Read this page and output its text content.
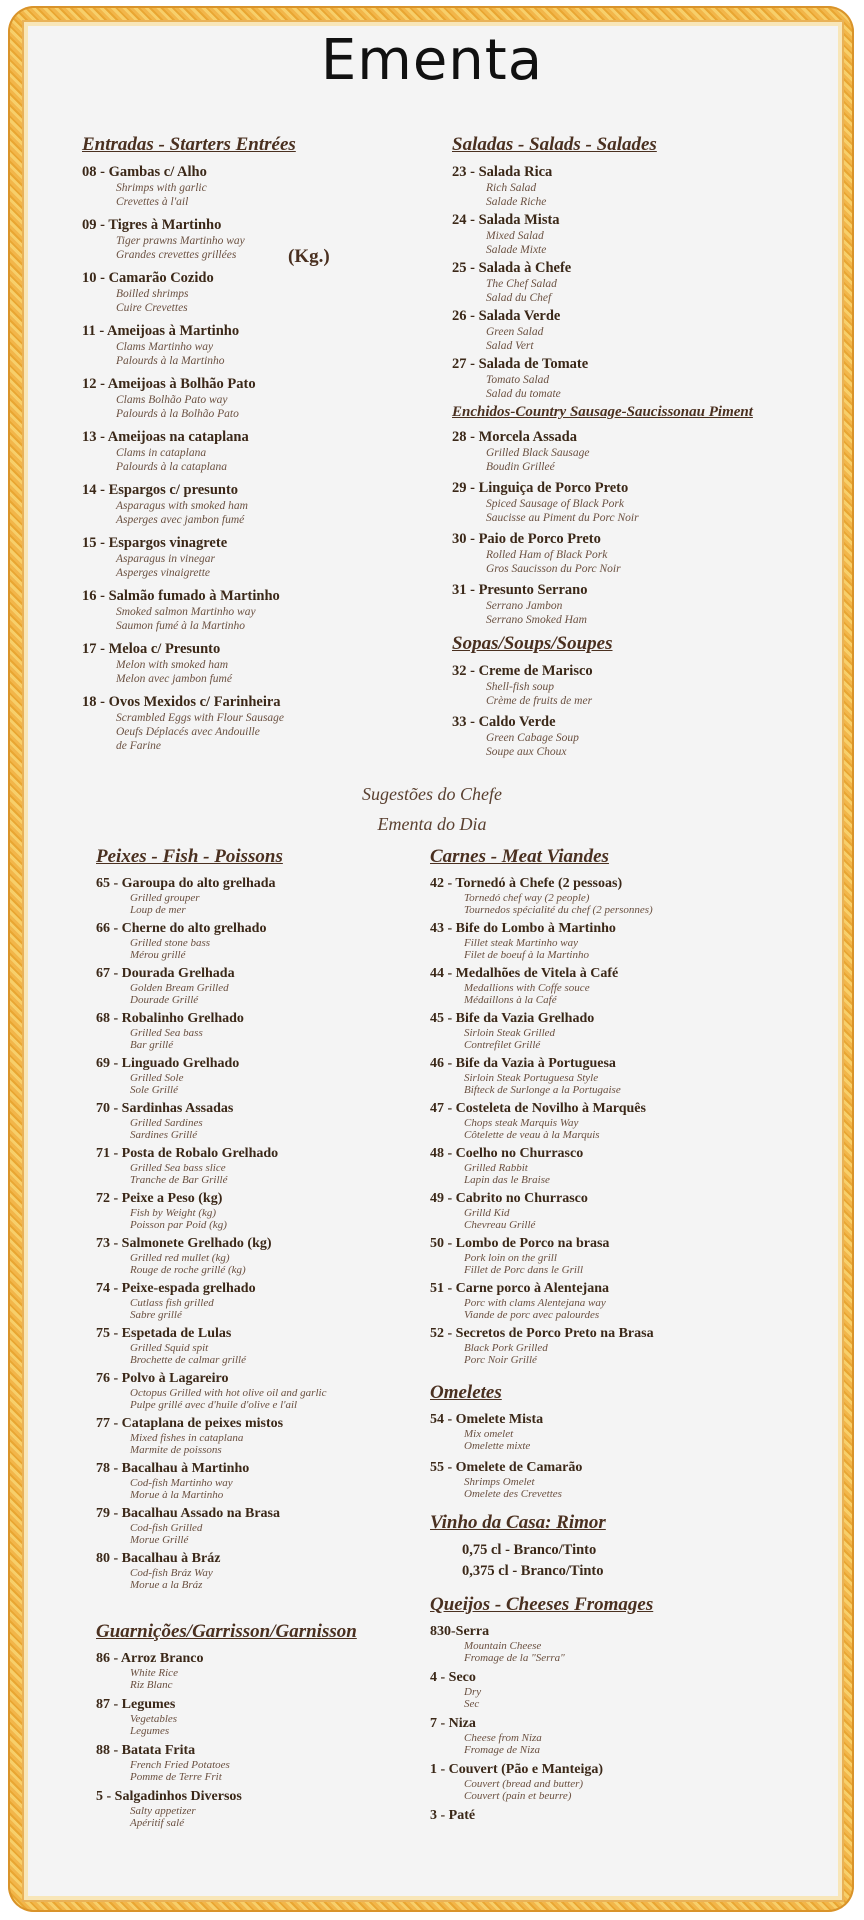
Ementa
(Kg.)
Entradas - Starters Entrées
08 - Gambas c/ Alho
Shrimps with garlic
Crevettes à l'ail
09 - Tigres à Martinho
Tiger prawns Martinho way
Grandes crevettes grillées
10 - Camarão Cozido
Boilled shrimps
Cuire Crevettes
11 - Ameijoas à Martinho
Clams Martinho way
Palourds à la Martinho
12 - Ameijoas à Bolhão Pato
Clams Bolhão Pato way
Palourds à la Bolhão Pato
13 - Ameijoas na cataplana
Clams in cataplana
Palourds à la cataplana
14 - Espargos c/ presunto
Asparagus with smoked ham
Asperges avec jambon fumé
15 - Espargos vinagrete
Asparagus in vinegar
Asperges vinaigrette
16 - Salmão fumado à Martinho
Smoked salmon Martinho way
Saumon fumé à la Martinho
17 - Meloa c/ Presunto
Melon with smoked ham
Melon avec jambon fumé
18 - Ovos Mexidos c/ Farinheira
Scrambled Eggs with Flour Sausage
Oeufs Déplacés avec Andouille
de Farine
Saladas - Salads - Salades
23 - Salada Rica
Rich Salad
Salade Riche
24 - Salada Mista
Mixed Salad
Salade Mixte
25 - Salada à Chefe
The Chef Salad
Salad du Chef
26 - Salada Verde
Green Salad
Salad Vert
27 - Salada de Tomate
Tomato Salad
Salad du tomate
Enchidos-Country Sausage-Saucissonau Piment
28 - Morcela Assada
Grilled Black Sausage
Boudin Grilleé
29 - Linguiça de Porco Preto
Spiced Sausage of Black Pork
Saucisse au Piment du Porc Noir
30 - Paio de Porco Preto
Rolled Ham of Black Pork
Gros Saucisson du Porc Noir
31 - Presunto Serrano
Serrano Jambon
Serrano Smoked Ham
Sopas/Soups/Soupes
32 - Creme de Marisco
Shell-fish soup
Crème de fruits de mer
33 - Caldo Verde
Green Cabage Soup
Soupe aux Choux
Sugestões do Chefe
Ementa do Dia
Peixes - Fish - Poissons
65 - Garoupa do alto grelhada
Grilled grouper
Loup de mer
66 - Cherne do alto grelhado
Grilled stone bass
Mérou grillé
67 - Dourada Grelhada
Golden Bream Grilled
Dourade Grillé
68 - Robalinho Grelhado
Grilled Sea bass
Bar grillé
69 - Linguado Grelhado
Grilled Sole
Sole Grillé
70 - Sardinhas Assadas
Grilled Sardines
Sardines Grillé
71 - Posta de Robalo Grelhado
Grilled Sea bass slice
Tranche de Bar Grillé
72 - Peixe a Peso (kg)
Fish by Weight (kg)
Poisson par Poid (kg)
73 - Salmonete Grelhado (kg)
Grilled red mullet (kg)
Rouge de roche grillé (kg)
74 - Peixe-espada grelhado
Cutlass fish grilled
Sabre grillé
75 - Espetada de Lulas
Grilled Squid spit
Brochette de calmar grillé
76 - Polvo à Lagareiro
Octopus Grilled with hot olive oil and garlic
Pulpe grillé avec d'huile d'olive e l'ail
77 - Cataplana de peixes mistos
Mixed fishes in cataplana
Marmite de poissons
78 - Bacalhau à Martinho
Cod-fish Martinho way
Morue à la Martinho
79 - Bacalhau Assado na Brasa
Cod-fish Grilled
Morue Grillé
80 - Bacalhau à Bráz
Cod-fish Bráz Way
Morue a la Bráz
Guarnições/Garrisson/Garnisson
86 - Arroz Branco
White Rice
Riz Blanc
87 - Legumes
Vegetables
Legumes
88 - Batata Frita
French Fried Potatoes
Pomme de Terre Frit
5 - Salgadinhos Diversos
Salty appetizer
Apéritif salé
Carnes - Meat Viandes
42 - Tornedó à Chefe (2 pessoas)
Tornedó chef way (2 people)
Tournedos spécialité du chef (2 personnes)
43 - Bife do Lombo à Martinho
Fillet steak Martinho way
Filet de boeuf à la Martinho
44 - Medalhões de Vitela à Café
Medallions with Coffe souce
Médaillons à la Café
45 - Bife da Vazia Grelhado
Sirloin Steak Grilled
Contrefilet Grillé
46 - Bife da Vazia à Portuguesa
Sirloin Steak Portuguesa Style
Bifteck de Surlonge a la Portugaise
47 - Costeleta de Novilho à Marquês
Chops steak Marquis Way
Côtelette de veau à la Marquis
48 - Coelho no Churrasco
Grilled Rabbit
Lapin das le Braise
49 - Cabrito no Churrasco
Grilld Kid
Chevreau Grillé
50 - Lombo de Porco na brasa
Pork loin on the grill
Fillet de Porc dans le Grill
51 - Carne porco à Alentejana
Porc with clams Alentejana way
Viande de porc avec palourdes
52 - Secretos de Porco Preto na Brasa
Black Pork Grilled
Porc Noir Grillé
Omeletes
54 - Omelete Mista
Mix omelet
Omelette mixte
55 - Omelete de Camarão
Shrimps Omelet
Omelete des Crevettes
Vinho da Casa: Rimor
0,75 cl - Branco/Tinto
0,375 cl - Branco/Tinto
Queijos - Cheeses Fromages
830-Serra
Mountain Cheese
Fromage de la "Serra"
4 - Seco
Dry
Sec
7 - Niza
Cheese from Niza
Fromage de Niza
1 - Couvert (Pão e Manteiga)
Couvert (bread and butter)
Couvert (pain et beurre)
3 - Paté
